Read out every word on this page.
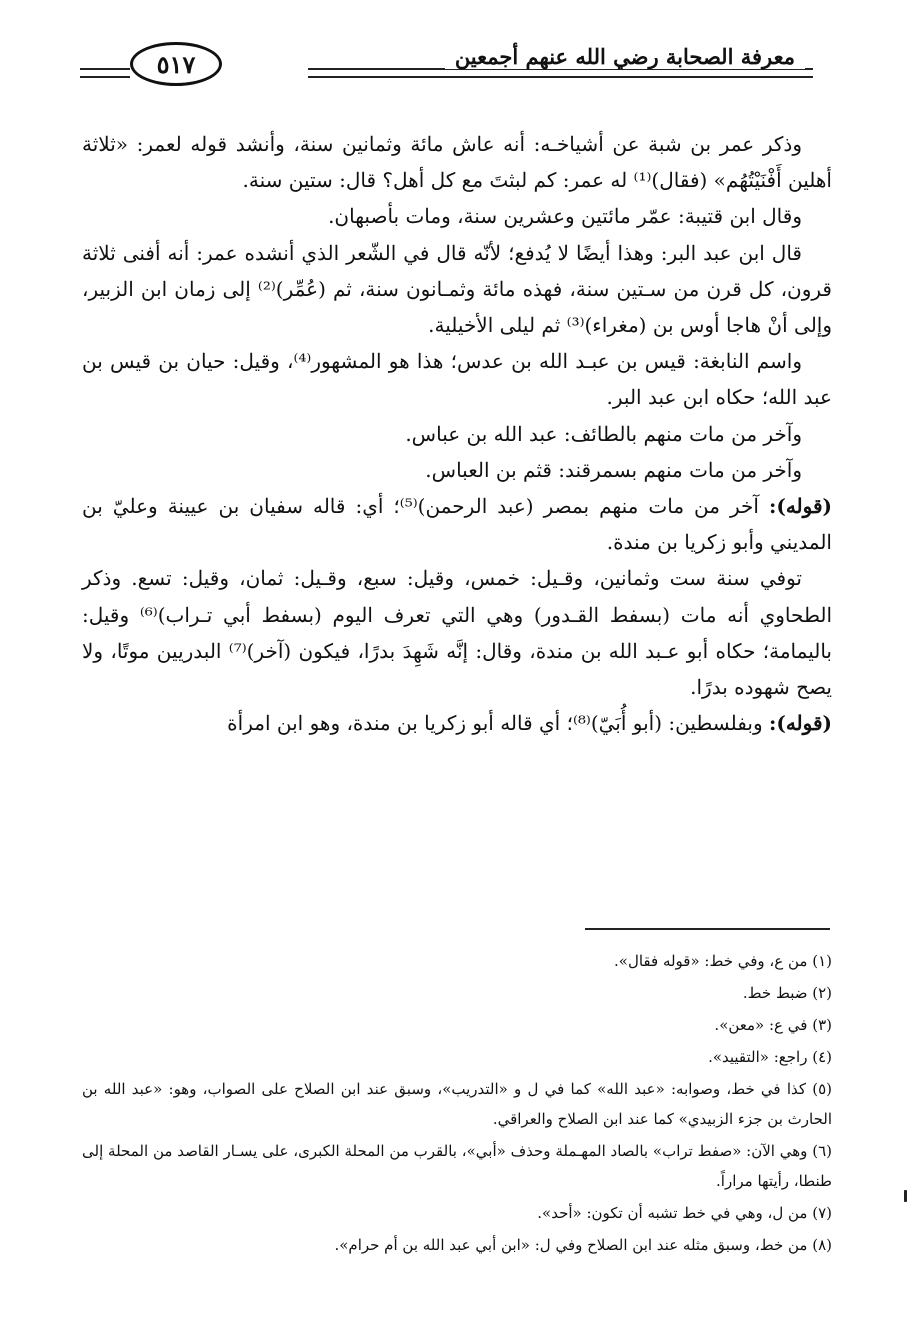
٥١٧	معرفة الصحابة رضي الله عنهم أجمعين

وذكر عمر بن شبة عن أشياخـه: أنه عاش مائة وثمانين سنة، وأنشد قوله لعمر: «ثلاثة أهلين أَفْنَيْتُهُم» (فقال)⁽¹⁾ له عمر: كم لبثتَ مع كل أهل؟ قال: ستين سنة.

وقال ابن قتيبة: عمّر مائتين وعشرين سنة، ومات بأصبهان.

قال ابن عبد البر: وهذا أيضًا لا يُدفع؛ لأنّه قال في الشّعر الذي أنشده عمر: أنه أفنى ثلاثة قرون، كل قرن من سـتين سنة، فهذه مائة وثمـانون سنة، ثم (عُمِّر)⁽²⁾ إلى زمان ابن الزبير، وإلى أنْ هاجا أوس بن (مغراء)⁽³⁾ ثم ليلى الأخيلية.

واسم النابغة: قيس بن عبـد الله بن عدس؛ هذا هو المشهور⁽⁴⁾، وقيل: حيان بن قيس بن عبد الله؛ حكاه ابن عبد البر.

وآخر من مات منهم بالطائف: عبد الله بن عباس.

وآخر من مات منهم بسمرقند: قثم بن العباس.

(قوله): آخر من مات منهم بمصر (عبد الرحمن)⁽⁵⁾؛ أي: قاله سفيان بن عيينة وعليّ بن المديني وأبو زكريا بن مندة.

توفي سنة ست وثمانين، وقـيل: خمس، وقيل: سبع، وقـيل: ثمان، وقيل: تسع. وذكر الطحاوي أنه مات (بسفط القـدور) وهي التي تعرف اليوم (بسفط أبي تـراب)⁽⁶⁾ وقيل: باليمامة؛ حكاه أبو عـبد الله بن مندة، وقال: إنَّه شَهِدَ بدرًا، فيكون (آخر)⁽⁷⁾ البدريين موتًا، ولا يصح شهوده بدرًا.

(قوله): وبفلسطين: (أبو أُبَيّ)⁽⁸⁾؛ أي قاله أبو زكريا بن مندة، وهو ابن امرأة

(١) من ع، وفي خط: «قوله فقال».

(٢) ضبط خط.

(٣) في ع: «معن».

(٤) راجع: «التقييد».

(٥) كذا في خط، وصوابه: «عبد الله» كما في ل و «التدريب»، وسبق عند ابن الصلاح على الصواب، وهو: «عبد الله بن الحارث بن جزء الزبيدي» كما عند ابن الصلاح والعراقي.

(٦) وهي الآن: «صفط تراب» بالصاد المهـملة وحذف «أبي»، بالقرب من المحلة الكبرى، على يسـار القاصد من المحلة إلى طنطا، رأيتها مراراً.

(٧) من ل، وهي في خط تشبه أن تكون: «أحد».

(٨) من خط، وسبق مثله عند ابن الصلاح وفي ل: «ابن أبي عبد الله بن أم حرام».
